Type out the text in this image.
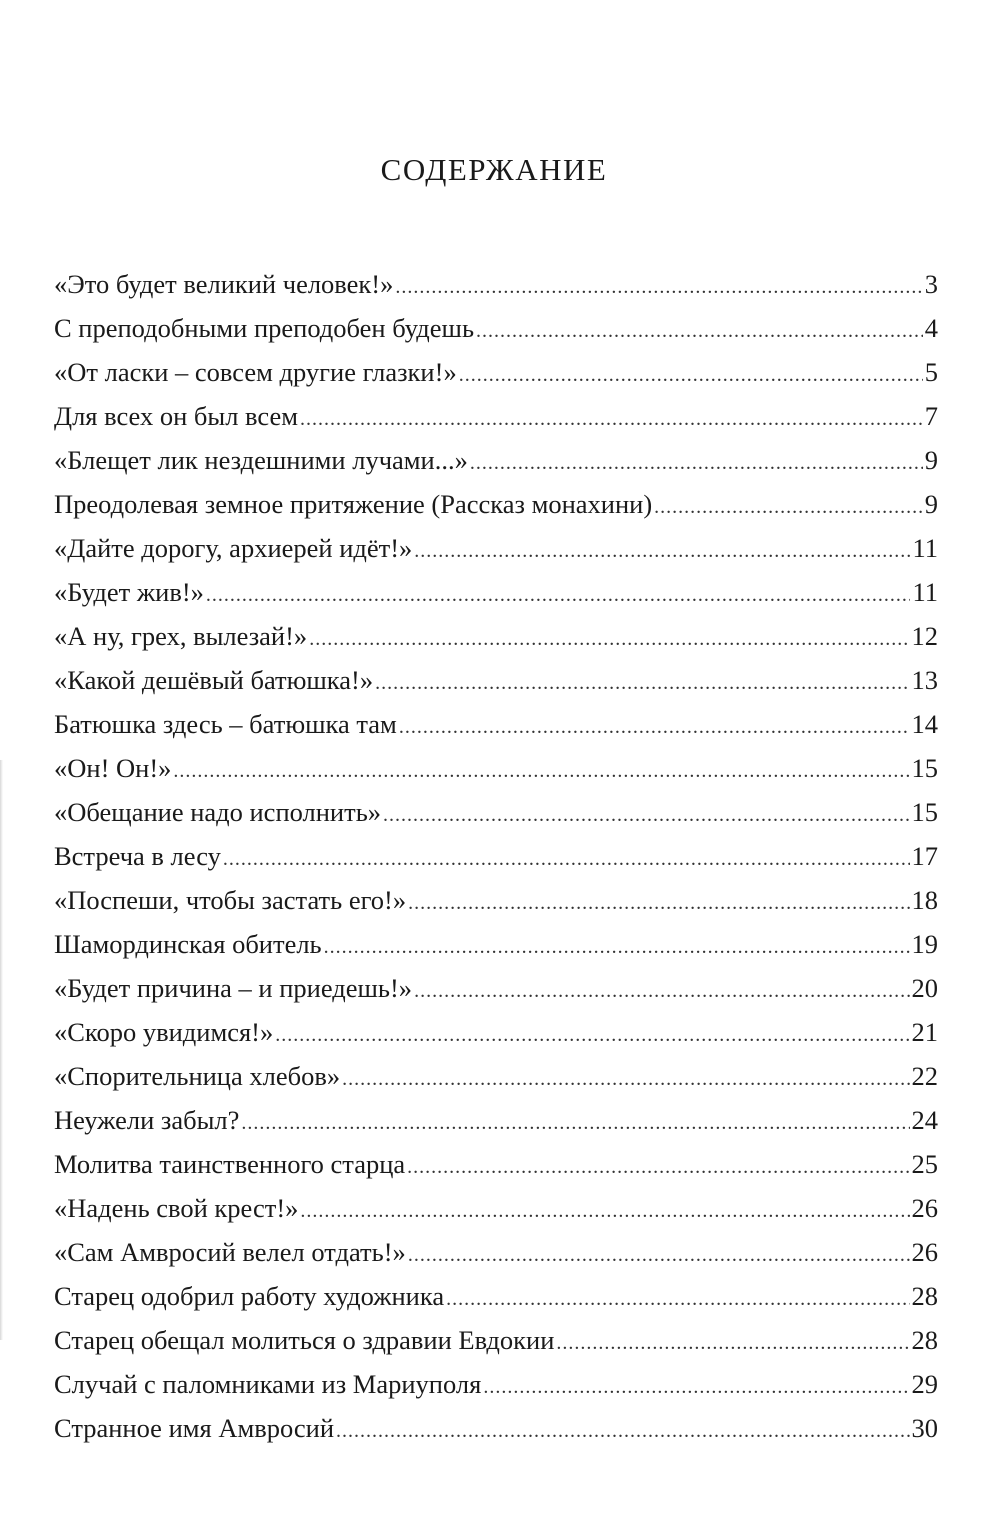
СОДЕРЖАНИЕ
«Это будет великий человек!» .....	3
С преподобными преподобен будешь .....	4
«От ласки – совсем другие глазки!» .....	5
Для всех он был всем .....	7
«Блещет лик нездешними лучами...» .....	9
Преодолевая земное притяжение (Рассказ монахини) .....	9
«Дайте дорогу, архиерей идёт!» .....	11
«Будет жив!» .....	11
«А ну, грех, вылезай!» .....	12
«Какой дешёвый батюшка!» .....	13
Батюшка здесь – батюшка там .....	14
«Он! Он!» .....	15
«Обещание надо исполнить» .....	15
Встреча в лесу .....	17
«Поспеши, чтобы застать его!» .....	18
Шамординская обитель .....	19
«Будет причина – и приедешь!» .....	20
«Скоро увидимся!» .....	21
«Спорительница хлебов» .....	22
Неужели забыл? .....	24
Молитва таинственного старца .....	25
«Надень свой крест!» .....	26
«Сам Амвросий велел отдать!» .....	26
Старец одобрил работу художника .....	28
Старец обещал молиться о здравии Евдокии .....	28
Случай с паломниками из Мариуполя .....	29
Странное имя Амвросий .....	30
